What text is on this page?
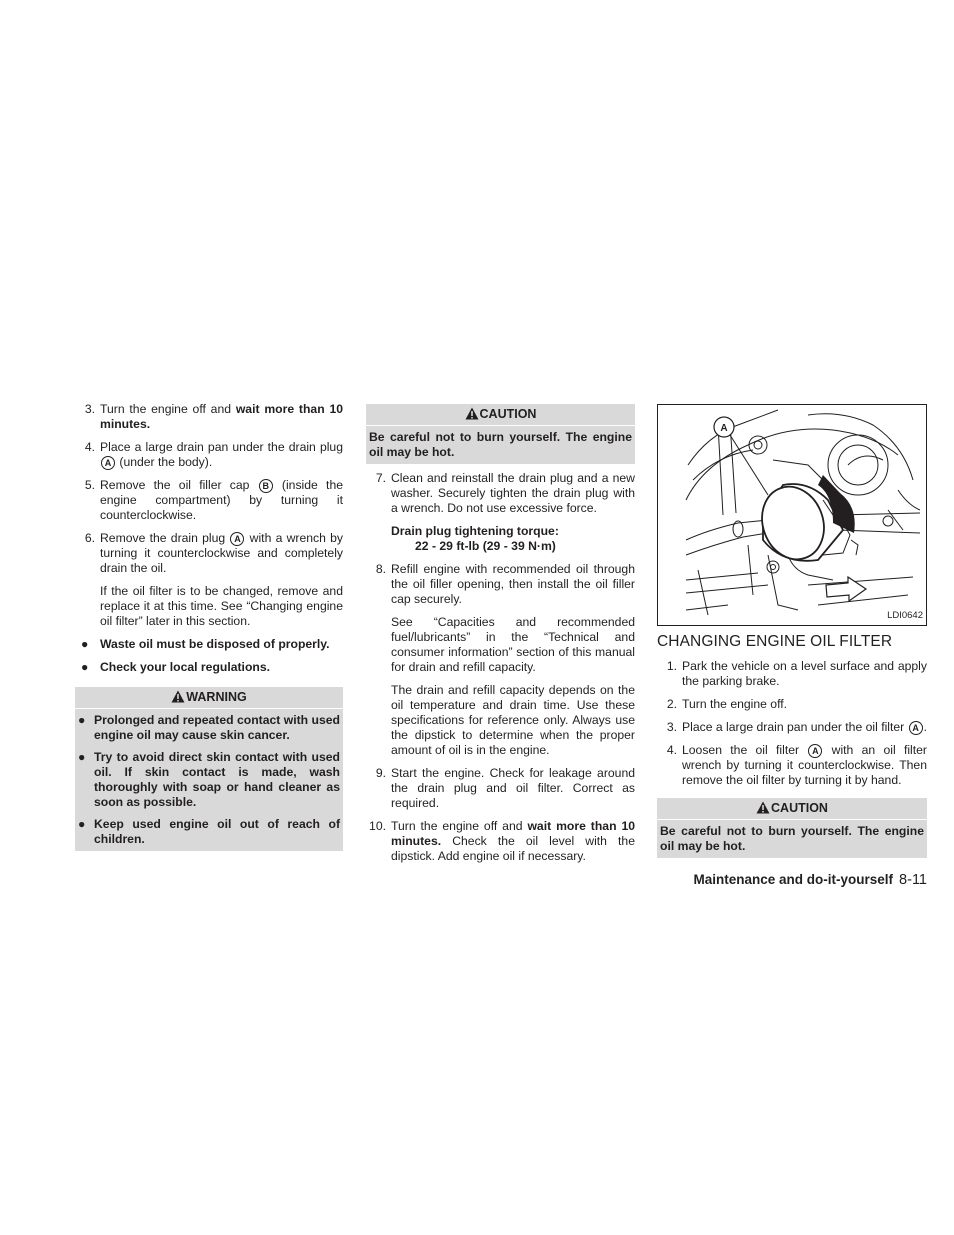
3. Turn the engine off and wait more than 10 minutes.
4. Place a large drain pan under the drain plug A (under the body).
5. Remove the oil filler cap B (inside the engine compartment) by turning it counterclockwise.
6. Remove the drain plug A with a wrench by turning it counterclockwise and completely drain the oil.
If the oil filter is to be changed, remove and replace it at this time. See “Changing engine oil filter” later in this section.
● Waste oil must be disposed of properly.
● Check your local regulations.
WARNING
● Prolonged and repeated contact with used engine oil may cause skin cancer.
● Try to avoid direct skin contact with used oil. If skin contact is made, wash thoroughly with soap or hand cleaner as soon as possible.
● Keep used engine oil out of reach of children.
CAUTION
Be careful not to burn yourself. The engine oil may be hot.
7. Clean and reinstall the drain plug and a new washer. Securely tighten the drain plug with a wrench. Do not use excessive force.
Drain plug tightening torque:
22 - 29 ft-lb (29 - 39 N·m)
8. Refill engine with recommended oil through the oil filler opening, then install the oil filler cap securely.
See “Capacities and recommended fuel/lubricants” in the “Technical and consumer information” section of this manual for drain and refill capacity.
The drain and refill capacity depends on the oil temperature and drain time. Use these specifications for reference only. Always use the dipstick to determine when the proper amount of oil is in the engine.
9. Start the engine. Check for leakage around the drain plug and oil filter. Correct as required.
10. Turn the engine off and wait more than 10 minutes. Check the oil level with the dipstick. Add engine oil if necessary.
A
LDI0642
CHANGING ENGINE OIL FILTER
1. Park the vehicle on a level surface and apply the parking brake.
2. Turn the engine off.
3. Place a large drain pan under the oil filter A .
4. Loosen the oil filter A with an oil filter wrench by turning it counterclockwise. Then remove the oil filter by turning it by hand.
CAUTION
Be careful not to burn yourself. The engine oil may be hot.
Maintenance and do-it-yourself 8-11
